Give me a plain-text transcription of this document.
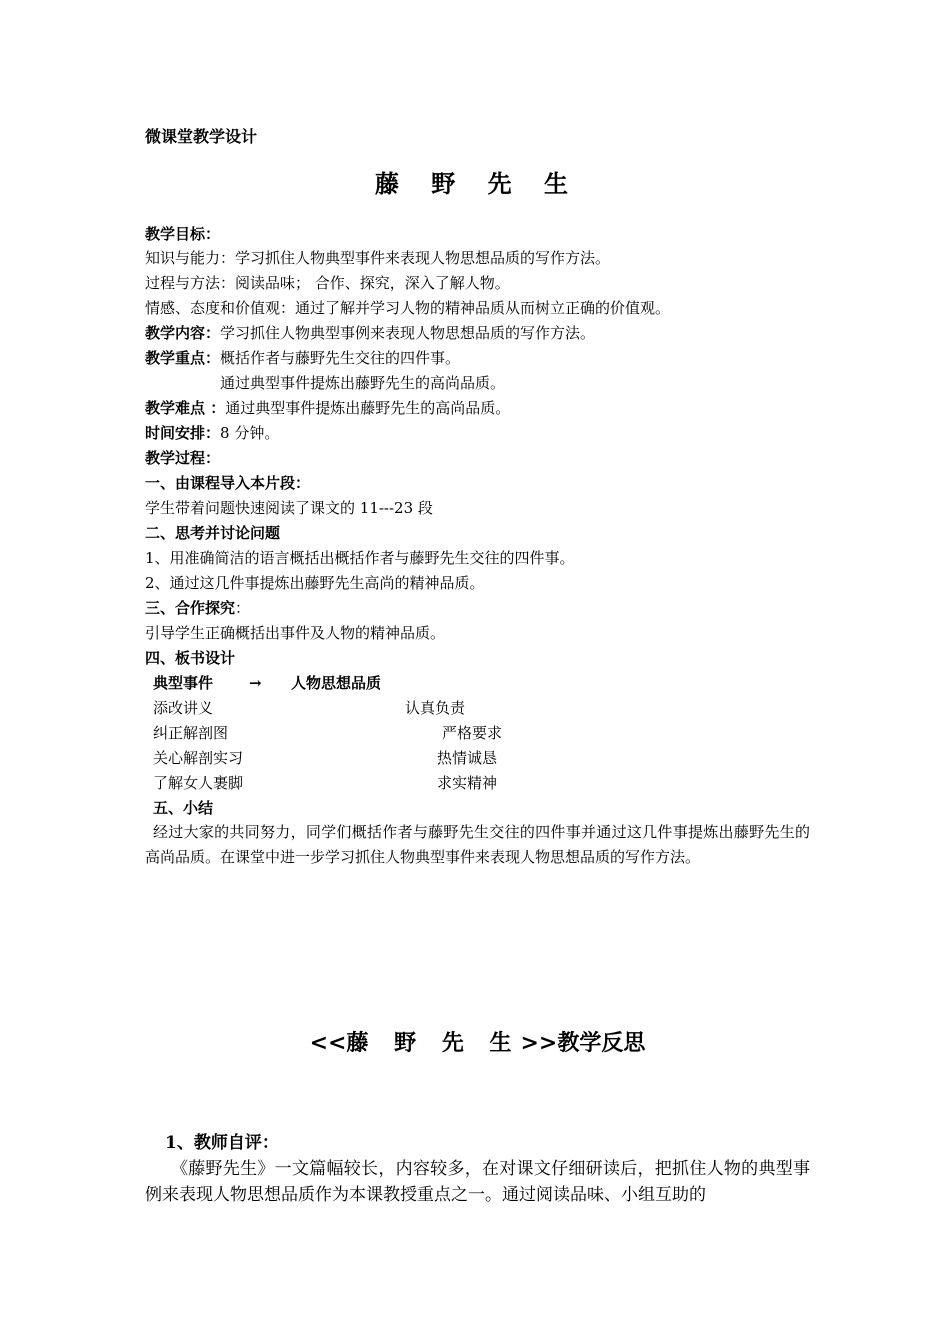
微课堂教学设计
藤 野 先 生
教学目标：
知识与能力：学习抓住人物典型事件来表现人物思想品质的写作方法。
过程与方法：阅读品味； 合作、探究，深入了解人物。
情感、态度和价值观：通过了解并学习人物的精神品质从而树立正确的价值观。
教学内容：学习抓住人物典型事例来表现人物思想品质的写作方法。
教学重点：概括作者与藤野先生交往的四件事。
通过典型事件提炼出藤野先生的高尚品质。
教学难点 ：通过典型事件提炼出藤野先生的高尚品质。
时间安排：8 分钟。
教学过程：
一、由课程导入本片段：
学生带着问题快速阅读了课文的 11---23 段
二、思考并讨论问题
1、用准确简洁的语言概括出概括作者与藤野先生交往的四件事。
2、通过这几件事提炼出藤野先生高尚的精神品质。
三、合作探究：
引导学生正确概括出事件及人物的精神品质。
四、板书设计
典型事件 → 人物思想品质
添改讲义	认真负责
纠正解剖图	严格要求
关心解剖实习	热情诚恳
了解女人裹脚	求实精神
五、小结
经过大家的共同努力，同学们概括作者与藤野先生交往的四件事并通过这几件事提炼出藤野先生的高尚品质。在课堂中进一步学习抓住人物典型事件来表现人物思想品质的写作方法。
<<藤 野 先 生>>教学反思
1、教师自评：
《藤野先生》一文篇幅较长，内容较多，在对课文仔细研读后，把抓住人物的典型事例来表现人物思想品质作为本课教授重点之一。通过阅读品味、小组互助的
